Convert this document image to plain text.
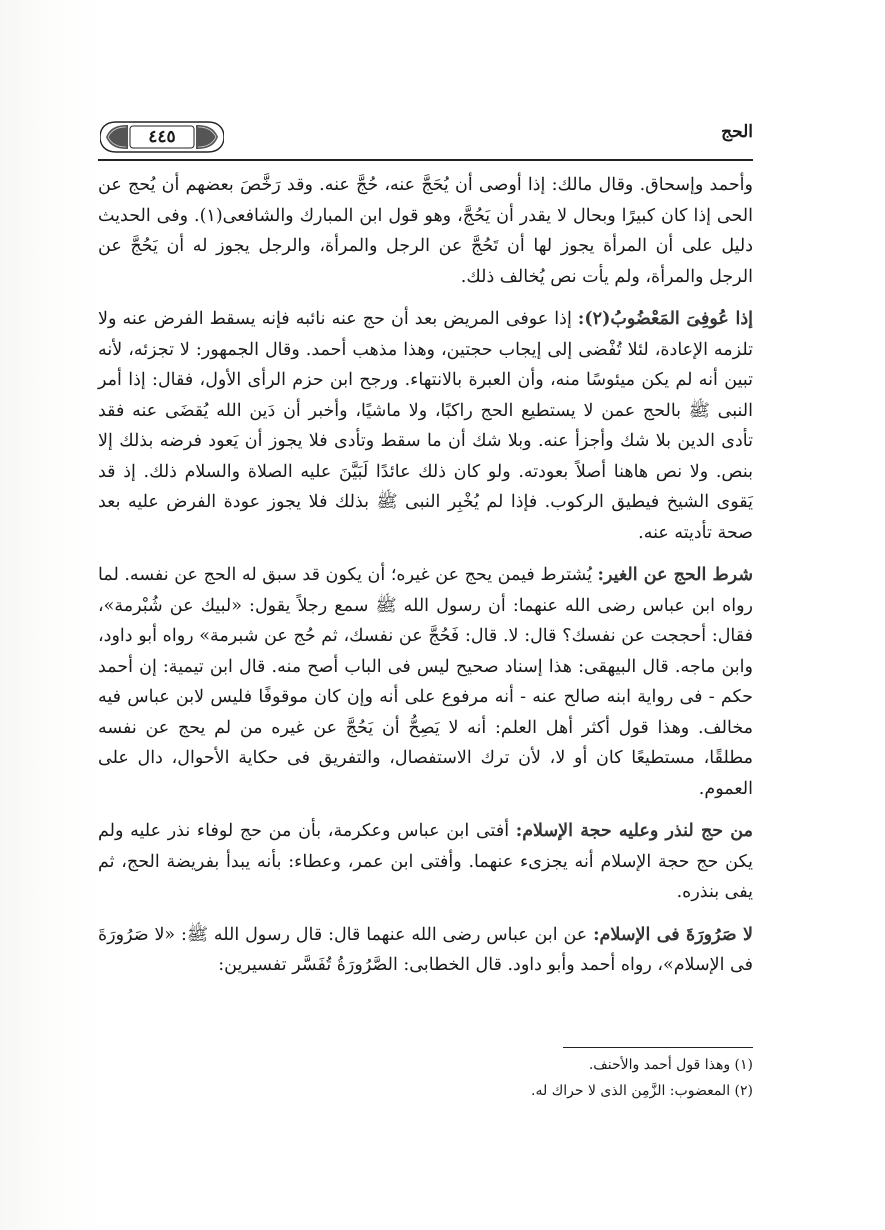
الحج
٤٤٥

وأحمد وإسحاق. وقال مالك: إذا أوصى أن يُحَجَّ عنه، حُجَّ عنه. وقد رَخَّصَ بعضهم أن يُحج عن الحى إذا كان كبيرًا وبحال لا يقدر أن يَحُجَّ، وهو قول ابن المبارك والشافعى(١). وفى الحديث دليل على أن المرأة يجوز لها أن تَحُجَّ عن الرجل والمرأة، والرجل يجوز له أن يَحُجَّ عن الرجل والمرأة، ولم يأت نص يُخالف ذلك.

إذا عُوفِىَ المَعْضُوبُ(٢): إذا عوفى المريض بعد أن حج عنه نائبه فإنه يسقط الفرض عنه ولا تلزمه الإعادة، لئلا تُفْضى إلى إيجاب حجتين، وهذا مذهب أحمد. وقال الجمهور: لا تجزئه، لأنه تبين أنه لم يكن ميئوسًا منه، وأن العبرة بالانتهاء. ورجح ابن حزم الرأى الأول، فقال: إذا أمر النبى ﷺ بالحج عمن لا يستطيع الحج راكبًا، ولا ماشيًا، وأخبر أن دَين الله يُقضَى عنه فقد تأدى الدين بلا شك وأجزأ عنه. وبلا شك أن ما سقط وتأدى فلا يجوز أن يَعود فرضه بذلك إلا بنص. ولا نص هاهنا أصلاً بعودته. ولو كان ذلك عائدًا لَبَيَّنَ عليه الصلاة والسلام ذلك. إذ قد يَقوى الشيخ فيطيق الركوب. فإذا لم يُخْبِر النبى ﷺ بذلك فلا يجوز عودة الفرض عليه بعد صحة تأديته عنه.

شرط الحج عن الغير: يُشترط فيمن يحج عن غيره؛ أن يكون قد سبق له الحج عن نفسه. لما رواه ابن عباس رضى الله عنهما: أن رسول الله ﷺ سمع رجلاً يقول: «لبيك عن شُبْرمة»، فقال: أحججت عن نفسك؟ قال: لا. قال: فَحُجَّ عن نفسك، ثم حُج عن شبرمة» رواه أبو داود، وابن ماجه. قال البيهقى: هذا إسناد صحيح ليس فى الباب أصح منه. قال ابن تيمية: إن أحمد حكم - فى رواية ابنه صالح عنه - أنه مرفوع على أنه وإن كان موقوفًا فليس لابن عباس فيه مخالف. وهذا قول أكثر أهل العلم: أنه لا يَصِحُّ أن يَحُجَّ عن غيره من لم يحج عن نفسه مطلقًا، مستطيعًا كان أو لا، لأن ترك الاستفصال، والتفريق فى حكاية الأحوال، دال على العموم.

من حج لنذر وعليه حجة الإسلام: أفتى ابن عباس وعكرمة، بأن من حج لوفاء نذر عليه ولم يكن حج حجة الإسلام أنه يجزىء عنهما. وأفتى ابن عمر، وعطاء: بأنه يبدأ بفريضة الحج، ثم يفى بنذره.

لا صَرُورَةَ فى الإسلام: عن ابن عباس رضى الله عنهما قال: قال رسول الله ﷺ: «لا صَرُورَةَ فى الإسلام»، رواه أحمد وأبو داود. قال الخطابى: الصَّرُورَةُ تُفَسَّر تفسيرين:

(١) وهذا قول أحمد والأحنف.

(٢) المعضوب: الزَّمِن الذى لا حراك له.
